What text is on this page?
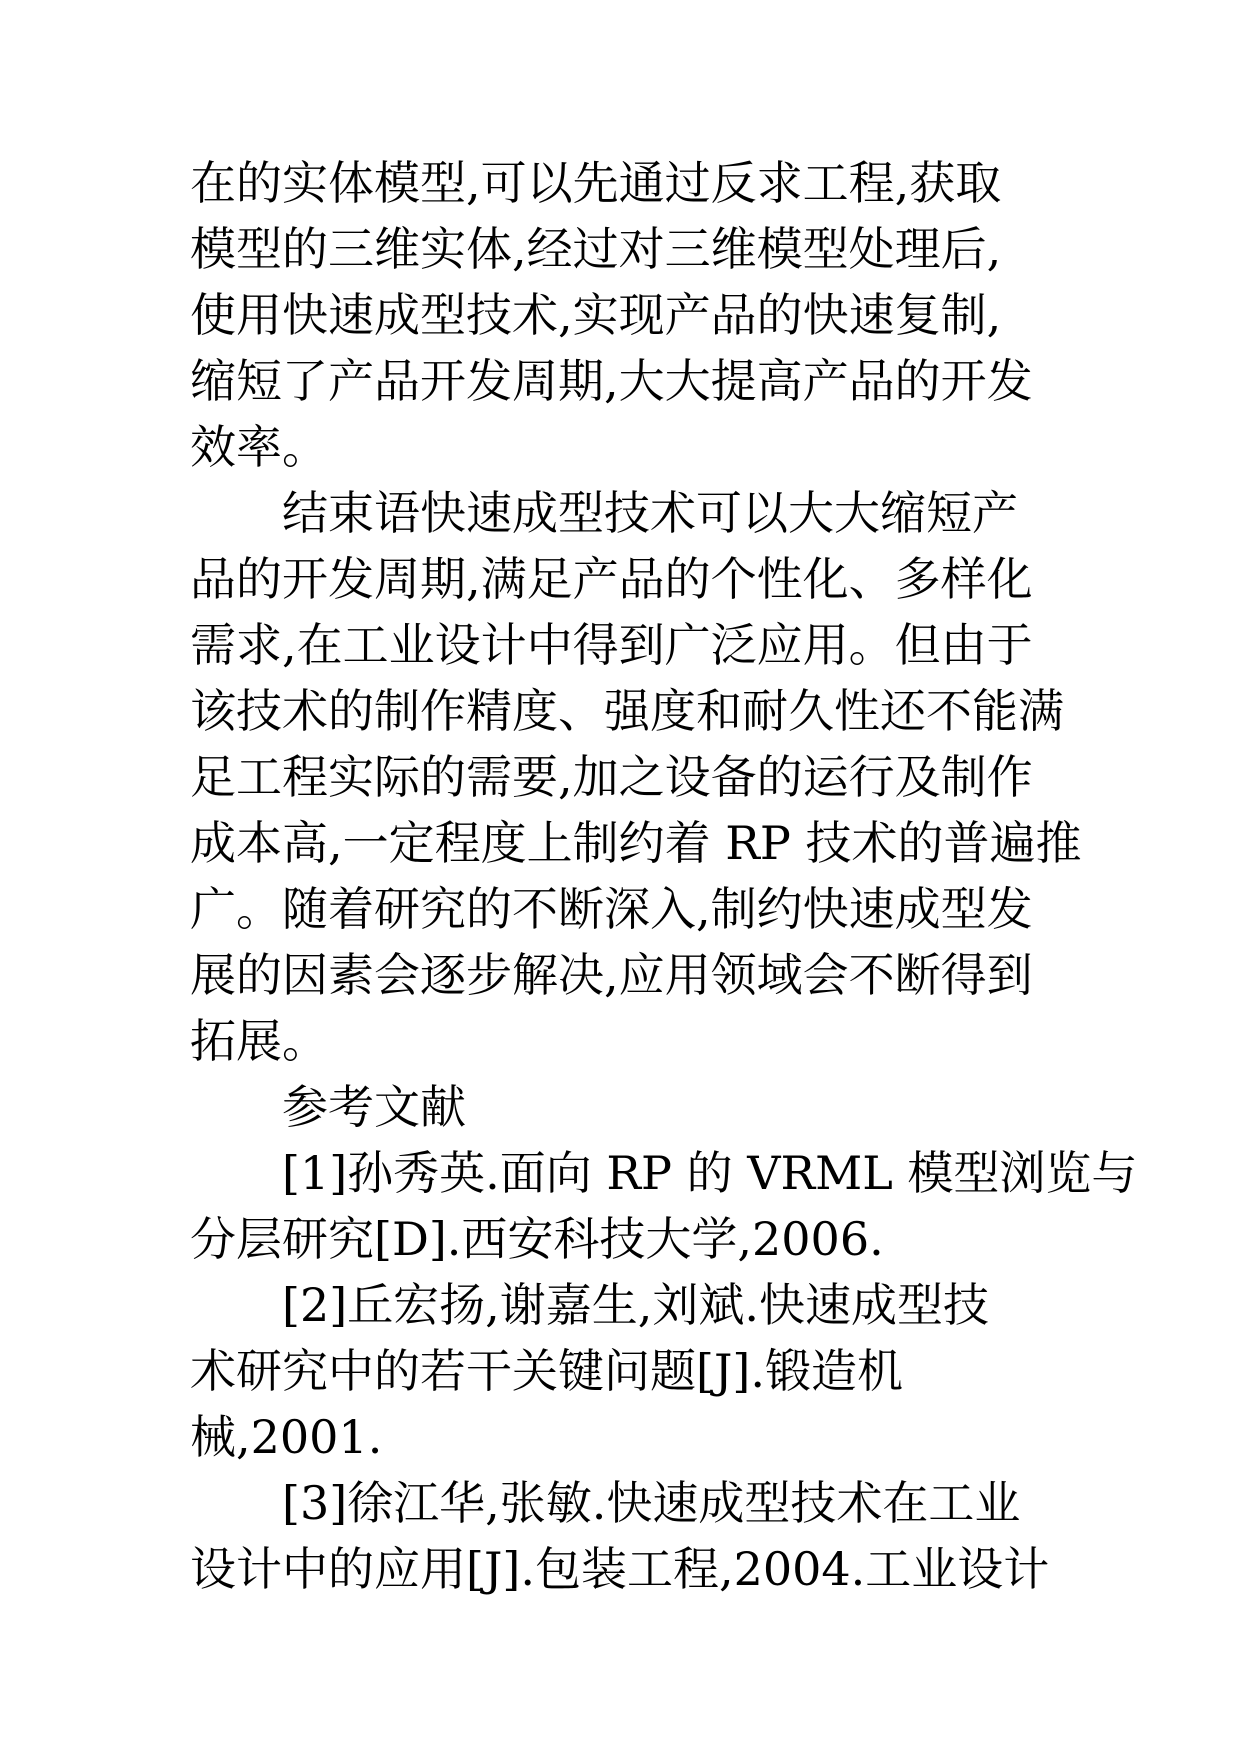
在的实体模型,可以先通过反求工程,获取
模型的三维实体,经过对三维模型处理后,
使用快速成型技术,实现产品的快速复制,
缩短了产品开发周期,大大提高产品的开发
效率。
结束语快速成型技术可以大大缩短产
品的开发周期,满足产品的个性化、多样化
需求,在工业设计中得到广泛应用。但由于
该技术的制作精度、强度和耐久性还不能满
足工程实际的需要,加之设备的运行及制作
成本高,一定程度上制约着 RP 技术的普遍推
广。随着研究的不断深入,制约快速成型发
展的因素会逐步解决,应用领域会不断得到
拓展。
参考文献
[1]孙秀英.面向 RP 的 VRML 模型浏览与
分层研究[D].西安科技大学,2006.
[2]丘宏扬,谢嘉生,刘斌.快速成型技
术研究中的若干关键问题[J].锻造机
械,2001.
[3]徐江华,张敏.快速成型技术在工业
设计中的应用[J].包装工程,2004.工业设计
